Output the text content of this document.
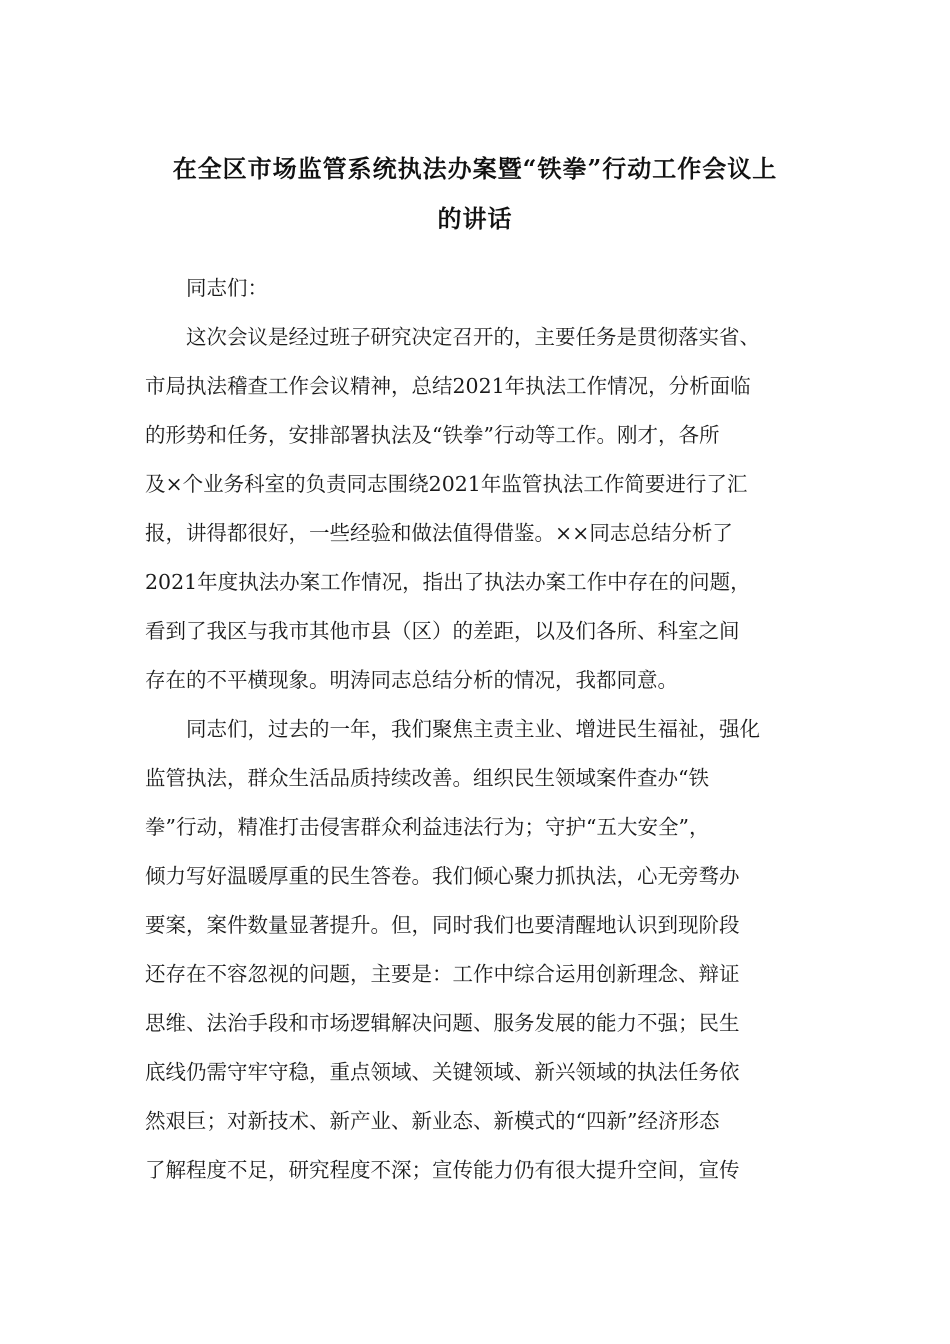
在全区市场监管系统执法办案暨“铁拳”行动工作会议上
的讲话
　　同志们：
　　这次会议是经过班子研究决定召开的，主要任务是贯彻落实省、
市局执法稽查工作会议精神，总结2021年执法工作情况，分析面临
的形势和任务，安排部署执法及“铁拳”行动等工作。刚才，各所
及×个业务科室的负责同志围绕2021年监管执法工作简要进行了汇
报，讲得都很好，一些经验和做法值得借鉴。××同志总结分析了
2021年度执法办案工作情况，指出了执法办案工作中存在的问题，
看到了我区与我市其他市县（区）的差距，以及们各所、科室之间
存在的不平横现象。明涛同志总结分析的情况，我都同意。
　　同志们，过去的一年，我们聚焦主责主业、增进民生福祉，强化
监管执法，群众生活品质持续改善。组织民生领域案件查办“铁
拳”行动，精准打击侵害群众利益违法行为；守护“五大安全”，
倾力写好温暖厚重的民生答卷。我们倾心聚力抓执法，心无旁骛办
要案，案件数量显著提升。但，同时我们也要清醒地认识到现阶段
还存在不容忽视的问题，主要是：工作中综合运用创新理念、辩证
思维、法治手段和市场逻辑解决问题、服务发展的能力不强；民生
底线仍需守牢守稳，重点领域、关键领域、新兴领域的执法任务依
然艰巨；对新技术、新产业、新业态、新模式的“四新”经济形态
了解程度不足，研究程度不深；宣传能力仍有很大提升空间，宣传
